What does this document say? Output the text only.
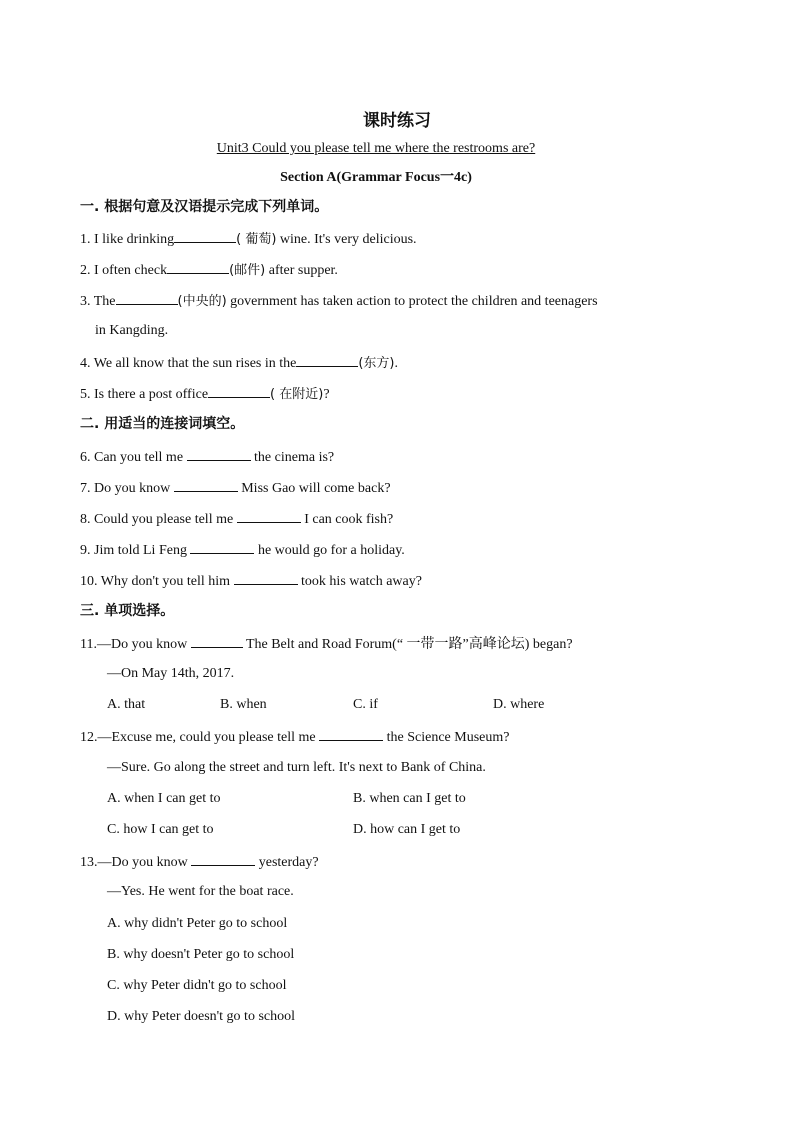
课时练习
Unit3 Could you please tell me where the restrooms are?
Section A(Grammar Focus一4c)
一. 根据句意及汉语提示完成下列单词。
1. I like drinking	( 葡萄) wine. It's very delicious.
2. I often check	(邮件) after supper.
3. The	(中央的) government has taken action to protect the children and teenagers
in Kangding.
4. We all know that the sun rises in the	(东方).
5. Is there a post office	( 在附近)?
二. 用适当的连接词填空。
6. Can you tell me	the cinema is?
7. Do you know	Miss Gao will come back?
8. Could you please tell me	I can cook fish?
9. Jim told Li Feng	he would go for a holiday.
10. Why don't you tell him	took his watch away?
三. 单项选择。
11.—Do you know	The Belt and Road Forum(“ 一带一路”高峰论坛) began?
—On May 14th, 2017.
A. that	B. when	C. if	D. where
12.—Excuse me, could you please tell me	the Science Museum?
—Sure. Go along the street and turn left. It's next to Bank of China.
A. when I can get to	B. when can I get to
C. how I can get to	D. how can I get to
13.—Do you know	yesterday?
—Yes. He went for the boat race.
A. why didn't Peter go to school
B. why doesn't Peter go to school
C. why Peter didn't go to school
D. why Peter doesn't go to school
